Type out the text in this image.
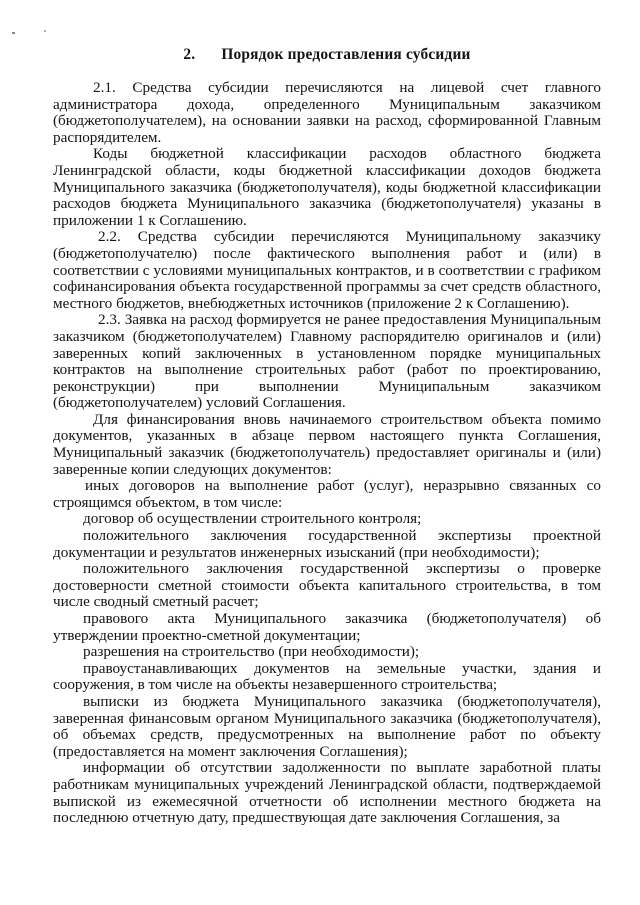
2. Порядок предоставления субсидии

2.1. Средства субсидии перечисляются на лицевой счет главного администратора дохода, определенного Муниципальным заказчиком (бюджетополучателем), на основании заявки на расход, сформированной Главным распорядителем.

Коды бюджетной классификации расходов областного бюджета Ленинградской области, коды бюджетной классификации доходов бюджета Муниципального заказчика (бюджетополучателя), коды бюджетной классификации расходов бюджета Муниципального заказчика (бюджетополучателя) указаны в приложении 1 к Соглашению.

2.2. Средства субсидии перечисляются Муниципальному заказчику (бюджетополучателю) после фактического выполнения работ и (или) в соответствии с условиями муниципальных контрактов, и в соответствии с графиком софинансирования объекта государственной программы за счет средств областного, местного бюджетов, внебюджетных источников (приложение 2 к Соглашению).

2.3. Заявка на расход формируется не ранее предоставления Муниципальным заказчиком (бюджетополучателем) Главному распорядителю оригиналов и (или) заверенных копий заключенных в установленном порядке муниципальных контрактов на выполнение строительных работ (работ по проектированию, реконструкции) при выполнении Муниципальным заказчиком (бюджетополучателем) условий Соглашения.

Для финансирования вновь начинаемого строительством объекта помимо документов, указанных в абзаце первом настоящего пункта Соглашения, Муниципальный заказчик (бюджетополучатель) предоставляет оригиналы и (или) заверенные копии следующих документов:

иных договоров на выполнение работ (услуг), неразрывно связанных со строящимся объектом, в том числе:

договор об осуществлении строительного контроля;

положительного заключения государственной экспертизы проектной документации и результатов инженерных изысканий (при необходимости);

положительного заключения государственной экспертизы о проверке достоверности сметной стоимости объекта капитального строительства, в том числе сводный сметный расчет;

правового акта Муниципального заказчика (бюджетополучателя) об утверждении проектно-сметной документации;

разрешения на строительство (при необходимости);

правоустанавливающих документов на земельные участки, здания и сооружения, в том числе на объекты незавершенного строительства;

выписки из бюджета Муниципального заказчика (бюджетополучателя), заверенная финансовым органом Муниципального заказчика (бюджетополучателя), об объемах средств, предусмотренных на выполнение работ по объекту (предоставляется на момент заключения Соглашения);

информации об отсутствии задолженности по выплате заработной платы работникам муниципальных учреждений Ленинградской области, подтверждаемой выпиской из ежемесячной отчетности об исполнении местного бюджета на последнюю отчетную дату, предшествующая дате заключения Соглашения, за
